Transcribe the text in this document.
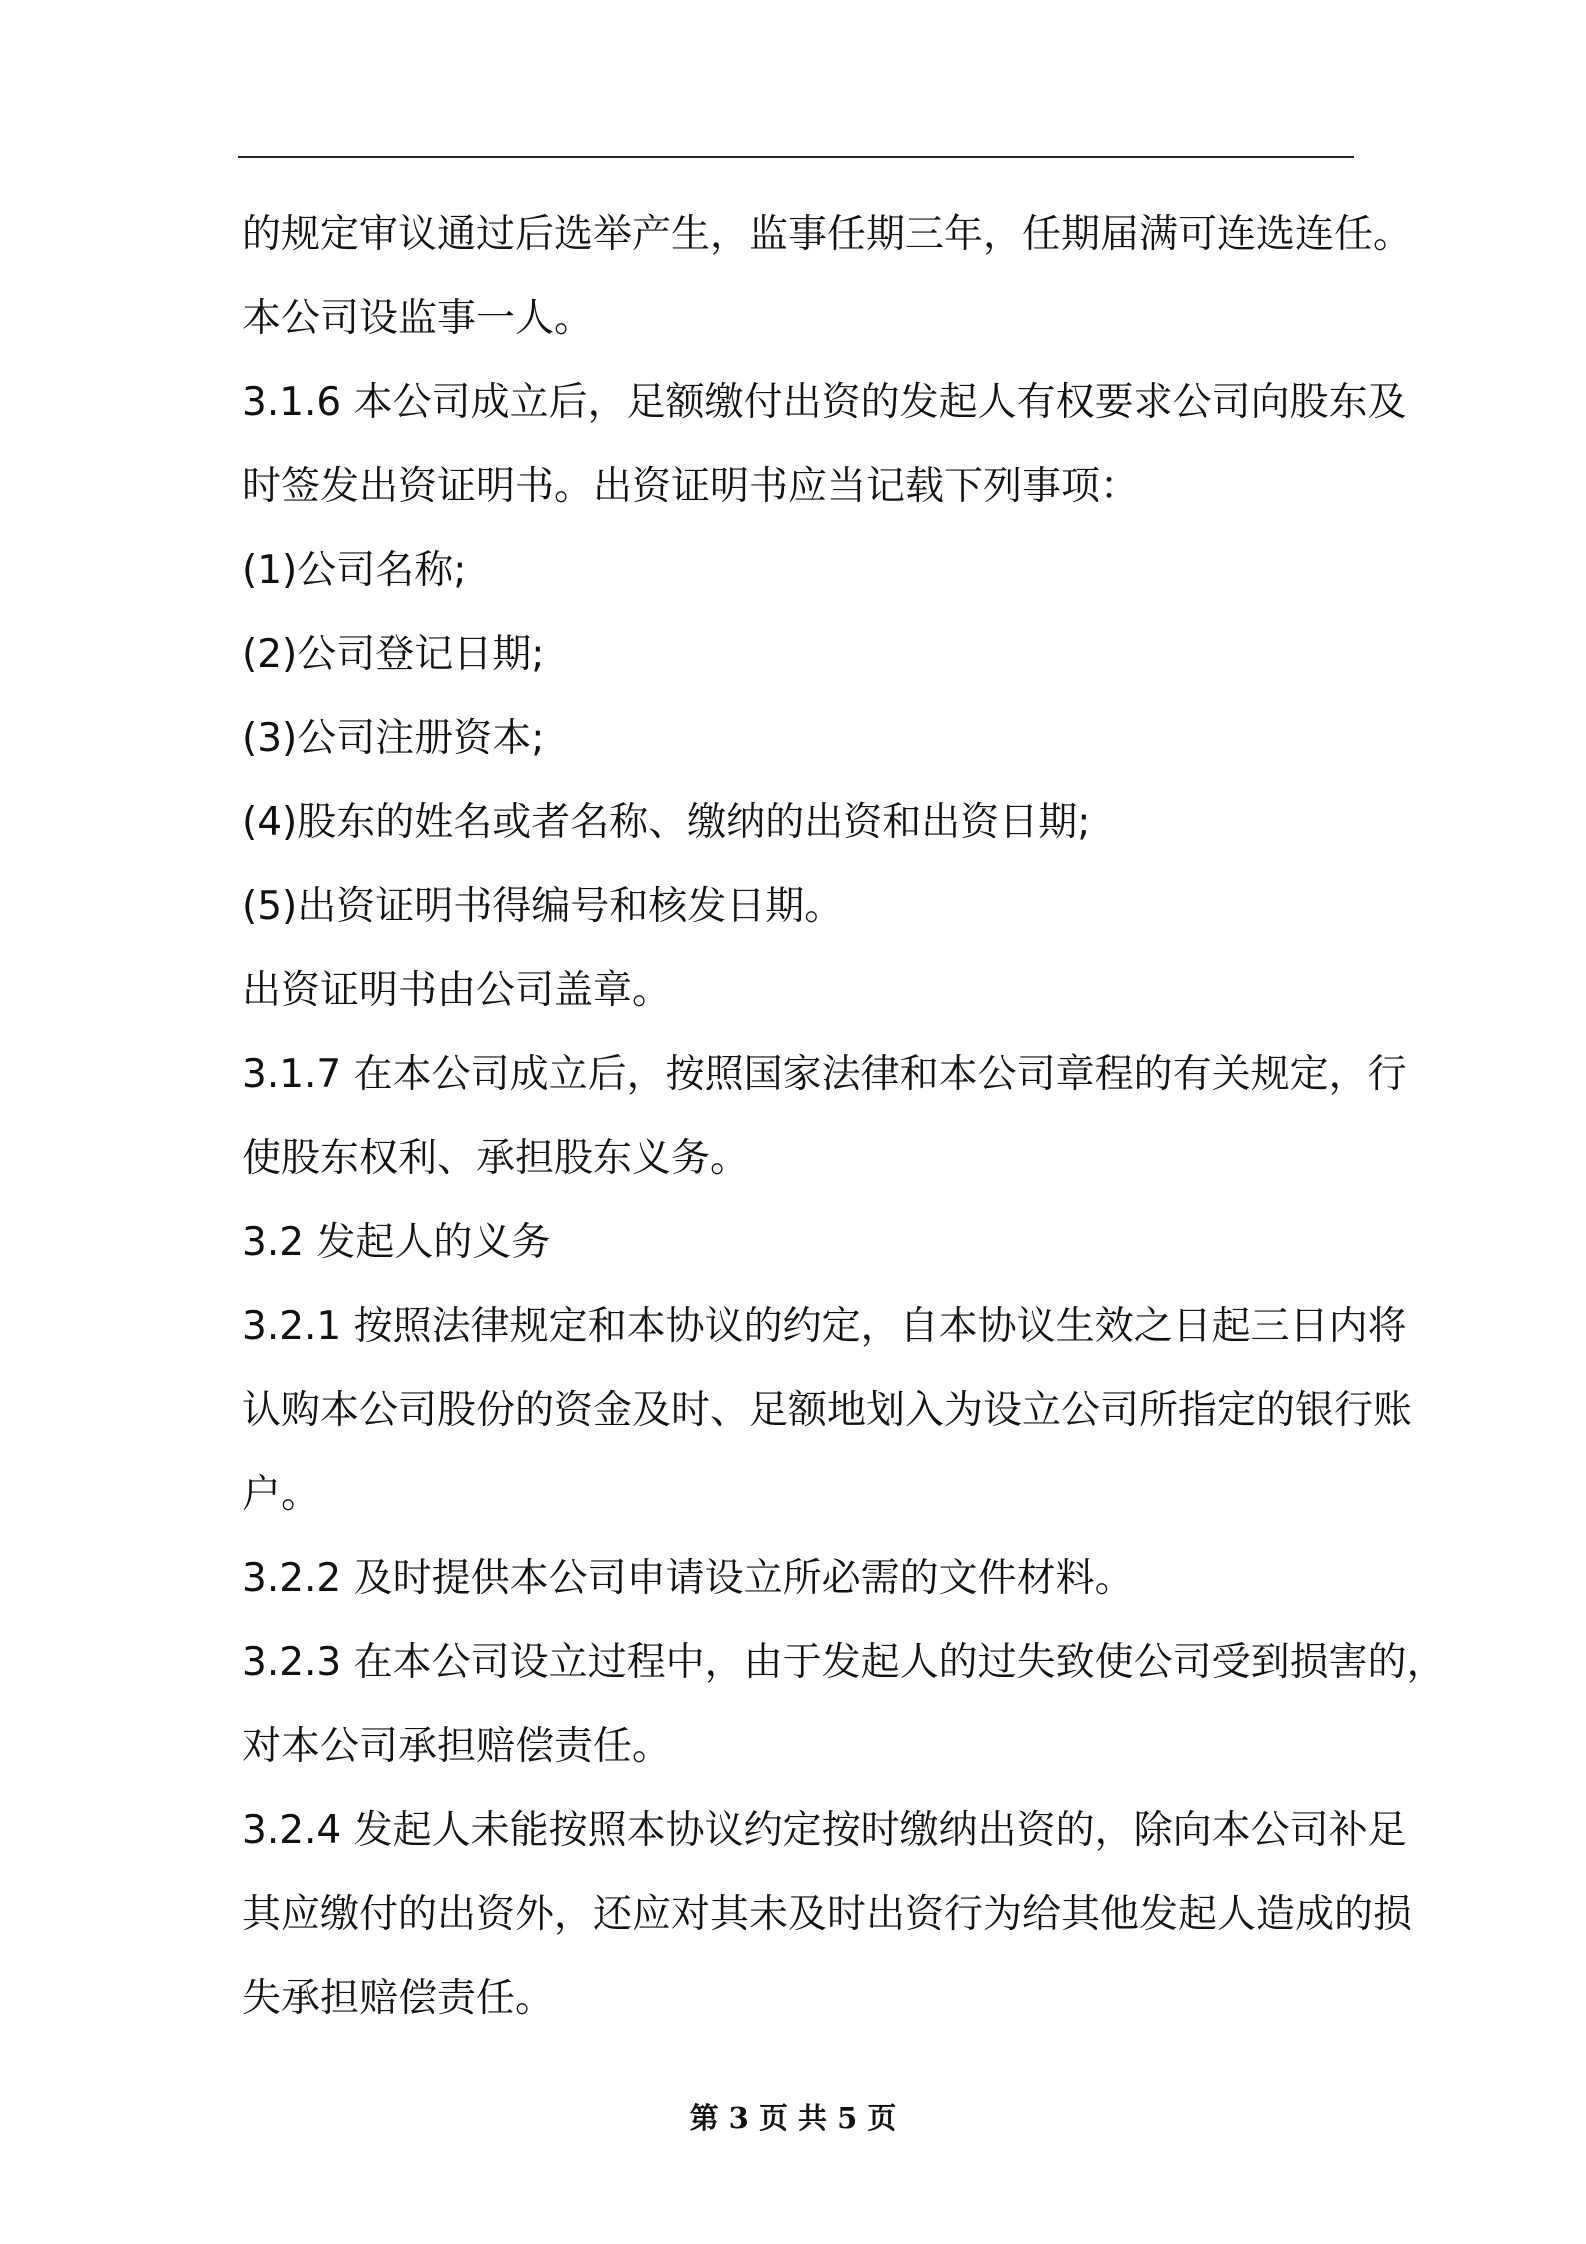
的规定审议通过后选举产生，监事任期三年，任期届满可连选连任。

本公司设监事一人。

3.1.6 本公司成立后，足额缴付出资的发起人有权要求公司向股东及

时签发出资证明书。出资证明书应当记载下列事项：

(1)公司名称;

(2)公司登记日期;

(3)公司注册资本;

(4)股东的姓名或者名称、缴纳的出资和出资日期;

(5)出资证明书得编号和核发日期。

出资证明书由公司盖章。

3.1.7 在本公司成立后，按照国家法律和本公司章程的有关规定，行

使股东权利、承担股东义务。

3.2 发起人的义务

3.2.1 按照法律规定和本协议的约定，自本协议生效之日起三日内将

认购本公司股份的资金及时、足额地划入为设立公司所指定的银行账

户。

3.2.2 及时提供本公司申请设立所必需的文件材料。

3.2.3 在本公司设立过程中，由于发起人的过失致使公司受到损害的，

对本公司承担赔偿责任。

3.2.4 发起人未能按照本协议约定按时缴纳出资的，除向本公司补足

其应缴付的出资外，还应对其未及时出资行为给其他发起人造成的损

失承担赔偿责任。

第 3 页 共 5 页
